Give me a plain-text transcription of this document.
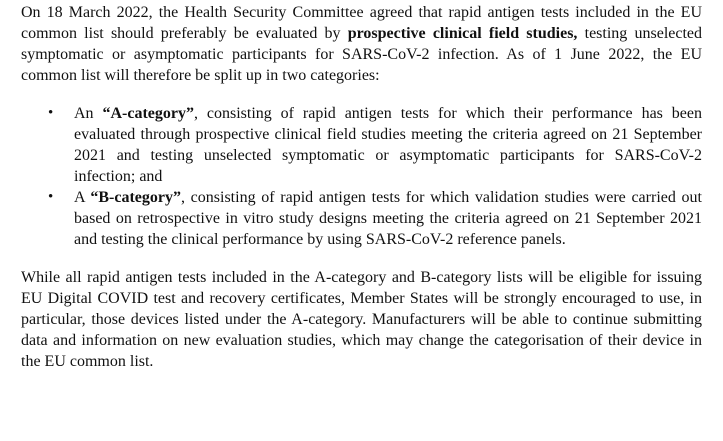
On 18 March 2022, the Health Security Committee agreed that rapid antigen tests included in the EU common list should preferably be evaluated by prospective clinical field studies, testing unselected symptomatic or asymptomatic participants for SARS-CoV-2 infection. As of 1 June 2022, the EU common list will therefore be split up in two categories:

• An “A-category”, consisting of rapid antigen tests for which their performance has been evaluated through prospective clinical field studies meeting the criteria agreed on 21 September 2021 and testing unselected symptomatic or asymptomatic participants for SARS-CoV-2 infection; and
• A “B-category”, consisting of rapid antigen tests for which validation studies were carried out based on retrospective in vitro study designs meeting the criteria agreed on 21 September 2021 and testing the clinical performance by using SARS-CoV-2 reference panels.

While all rapid antigen tests included in the A-category and B-category lists will be eligible for issuing EU Digital COVID test and recovery certificates, Member States will be strongly encouraged to use, in particular, those devices listed under the A-category. Manufacturers will be able to continue submitting data and information on new evaluation studies, which may change the categorisation of their device in the EU common list.
